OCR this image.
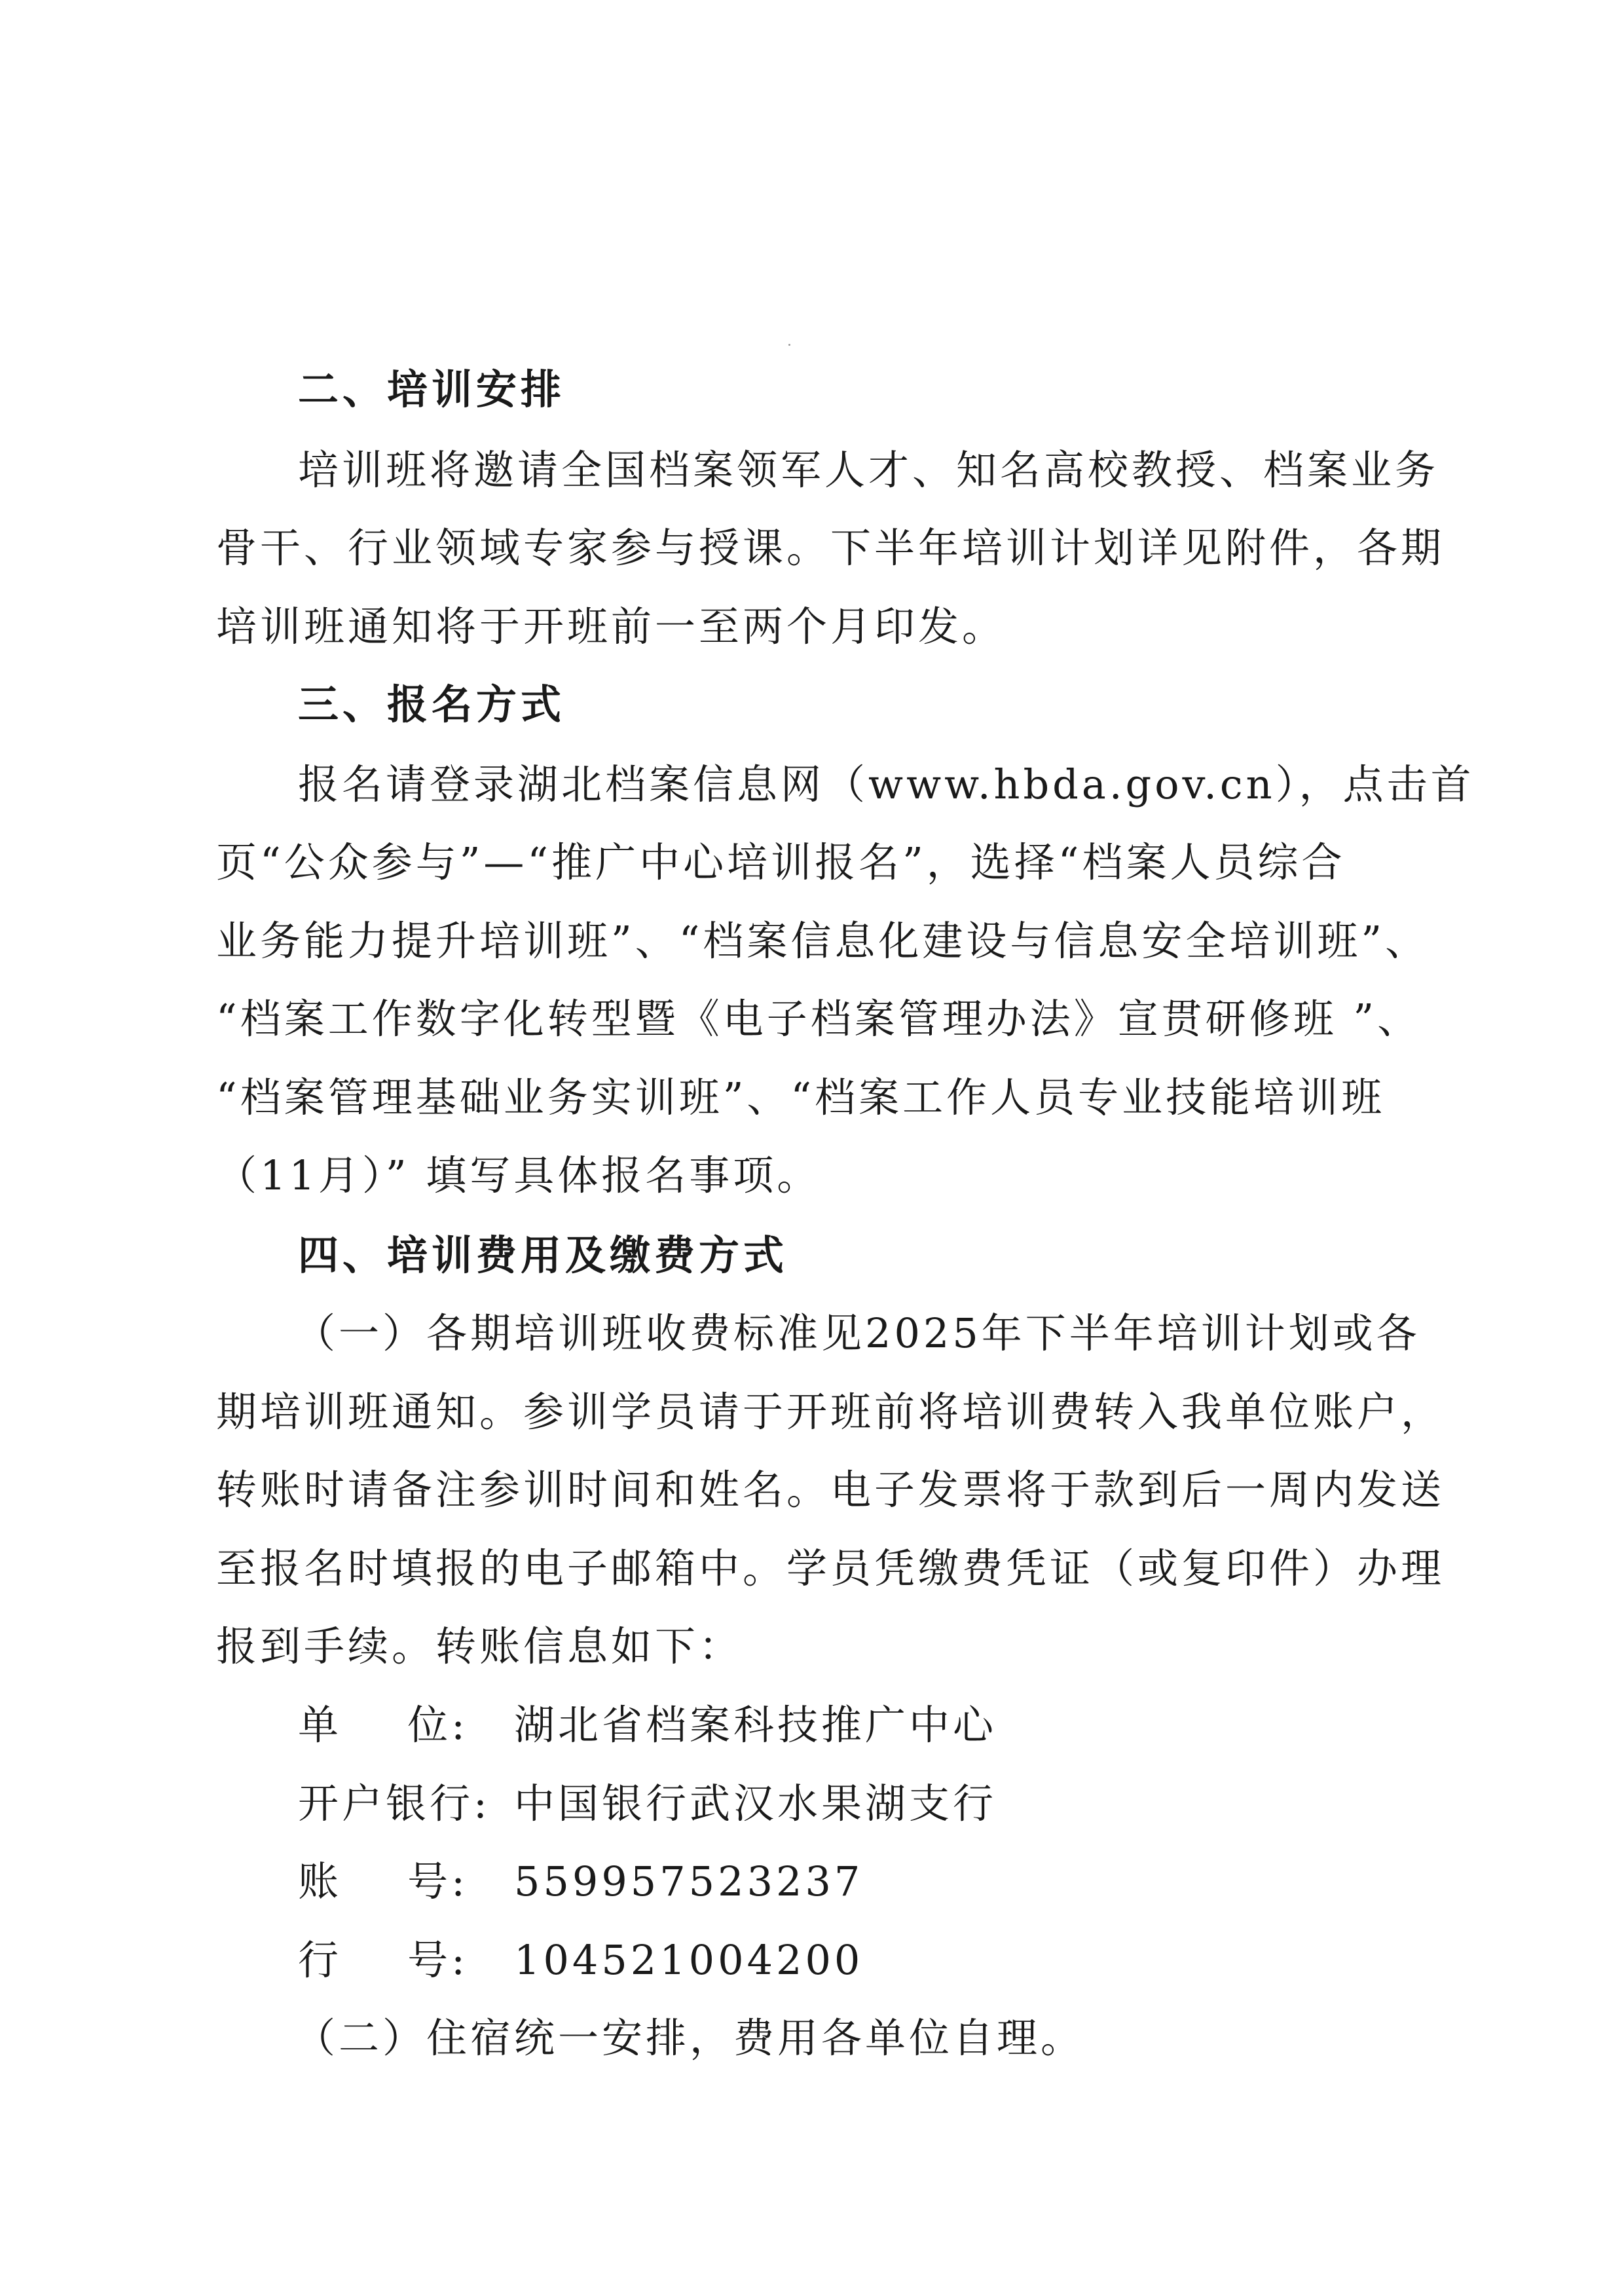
二、培训安排
培训班将邀请全国档案领军人才、知名高校教授、档案业务
骨干、行业领域专家参与授课。下半年培训计划详见附件，各期
培训班通知将于开班前一至两个月印发。
三、报名方式
报名请登录湖北档案信息网（www.hbda.gov.cn），点击首
页“公众参与”—“推广中心培训报名”，选择“档案人员综合
业务能力提升培训班”、“档案信息化建设与信息安全培训班”、
“档案工作数字化转型暨《电子档案管理办法》宣贯研修班 ”、
“档案管理基础业务实训班”、“档案工作人员专业技能培训班
（11月）” 填写具体报名事项。
四、培训费用及缴费方式
（一）各期培训班收费标准见2025年下半年培训计划或各
期培训班通知。参训学员请于开班前将培训费转入我单位账户，
转账时请备注参训时间和姓名。电子发票将于款到后一周内发送
至报名时填报的电子邮箱中。学员凭缴费凭证（或复印件）办理
报到手续。转账信息如下：
单 位: 湖北省档案科技推广中心
开户银行: 中国银行武汉水果湖支行
账 号: 559957523237
行 号: 104521004200
（二）住宿统一安排，费用各单位自理。
